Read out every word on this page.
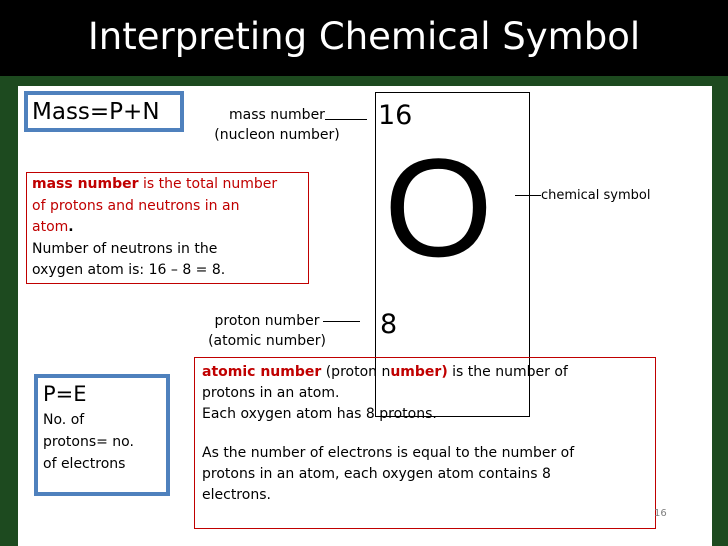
Interpreting Chemical Symbol
Mass=P+N	mass number
(nucleon number)
16
O
8
chemical symbol
proton number
(atomic number)
mass number is the total number
of protons and neutrons in an
atom.
Number of neutrons in the
oxygen atom is: 16 – 8 = 8.
P=E
No. of
protons= no.
of electrons
atomic number (proton number) is the number of
protons in an atom.
Each oxygen atom has 8 protons.
As the number of electrons is equal to the number of
protons in an atom, each oxygen atom contains 8
electrons.
16
